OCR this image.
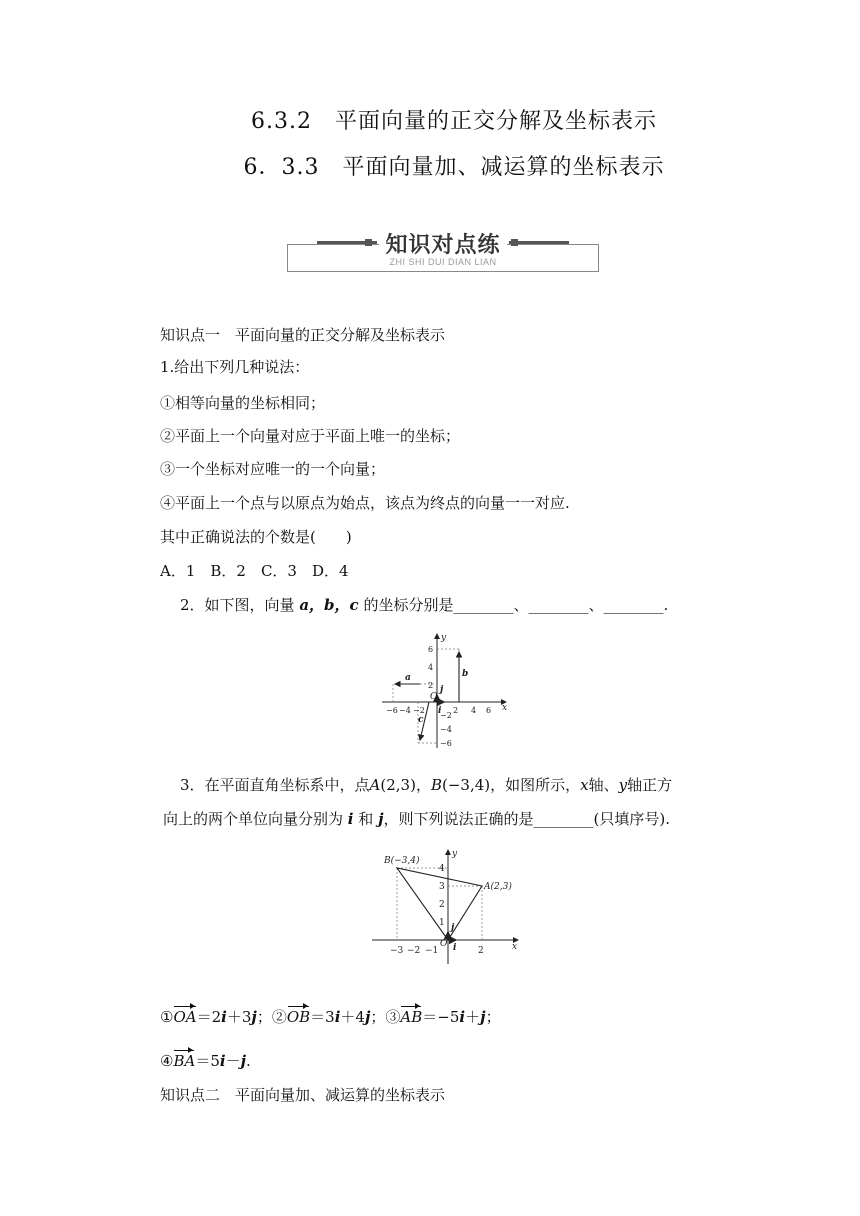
6.3.2　平面向量的正交分解及坐标表示
6．3.3　平面向量加、减运算的坐标表示
知识对点练
ZHI SHI DUI DIAN LIAN
知识点一　平面向量的正交分解及坐标表示
1.给出下列几种说法：
①相等向量的坐标相同；
②平面上一个向量对应于平面上唯一的坐标；
③一个坐标对应唯一的一个向量；
④平面上一个点与以原点为始点，该点为终点的向量一一对应.
其中正确说法的个数是(　　)
A．1　B．2　C．3　D．4
2．如下图，向量 a，b，c 的坐标分别是________、________、________.
−6 −4 −2	2 4 6
6
4
2
−2
−4
−6
x
y
O
i
j
a	b
c
3．在平面直角坐标系中，点A(2,3)，B(−3,4)，如图所示，x轴、y轴正方
向上的两个单位向量分别为 i 和 j，则下列说法正确的是________(只填序号).
−3 −2 −1	2
4
3
2
1
B(−3,4)
A(2,3)
O i
j
x
y
①OA＝2i＋3j；②OB＝3i＋4j；③AB＝−5i＋j；
④BA＝5i－j.
知识点二　平面向量加、减运算的坐标表示
